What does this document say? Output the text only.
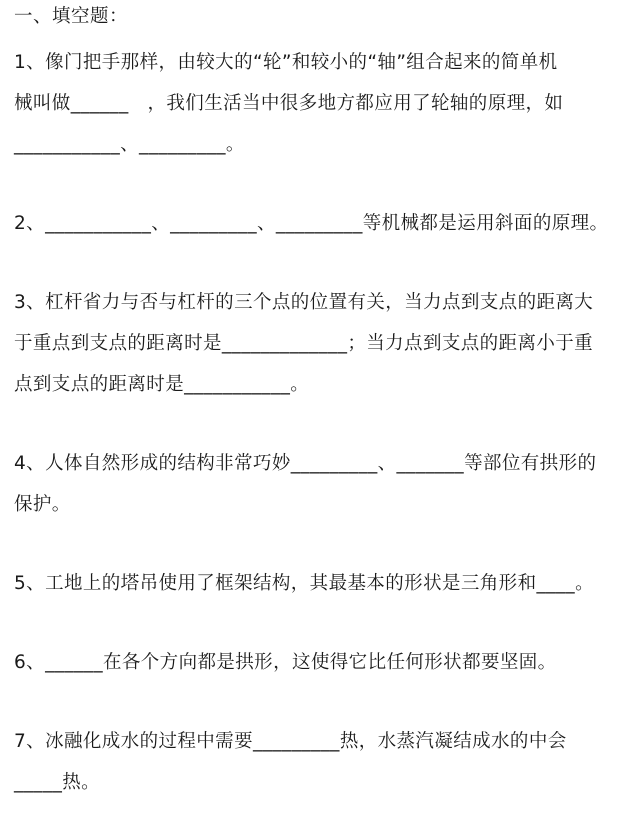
一、填空题：

1、像门把手那样，由较大的“轮”和较小的“轴”组合起来的简单机

械叫做______　，我们生活当中很多地方都应用了轮轴的原理，如

___________、_________。

2、___________、_________、_________等机械都是运用斜面的原理。

3、杠杆省力与否与杠杆的三个点的位置有关，当力点到支点的距离大

于重点到支点的距离时是_____________；当力点到支点的距离小于重

点到支点的距离时是___________。

4、人体自然形成的结构非常巧妙_________、_______等部位有拱形的

保护。

5、工地上的塔吊使用了框架结构，其最基本的形状是三角形和____。

6、______在各个方向都是拱形，这使得它比任何形状都要坚固。

7、冰融化成水的过程中需要_________热，水蒸汽凝结成水的中会

_____热。
